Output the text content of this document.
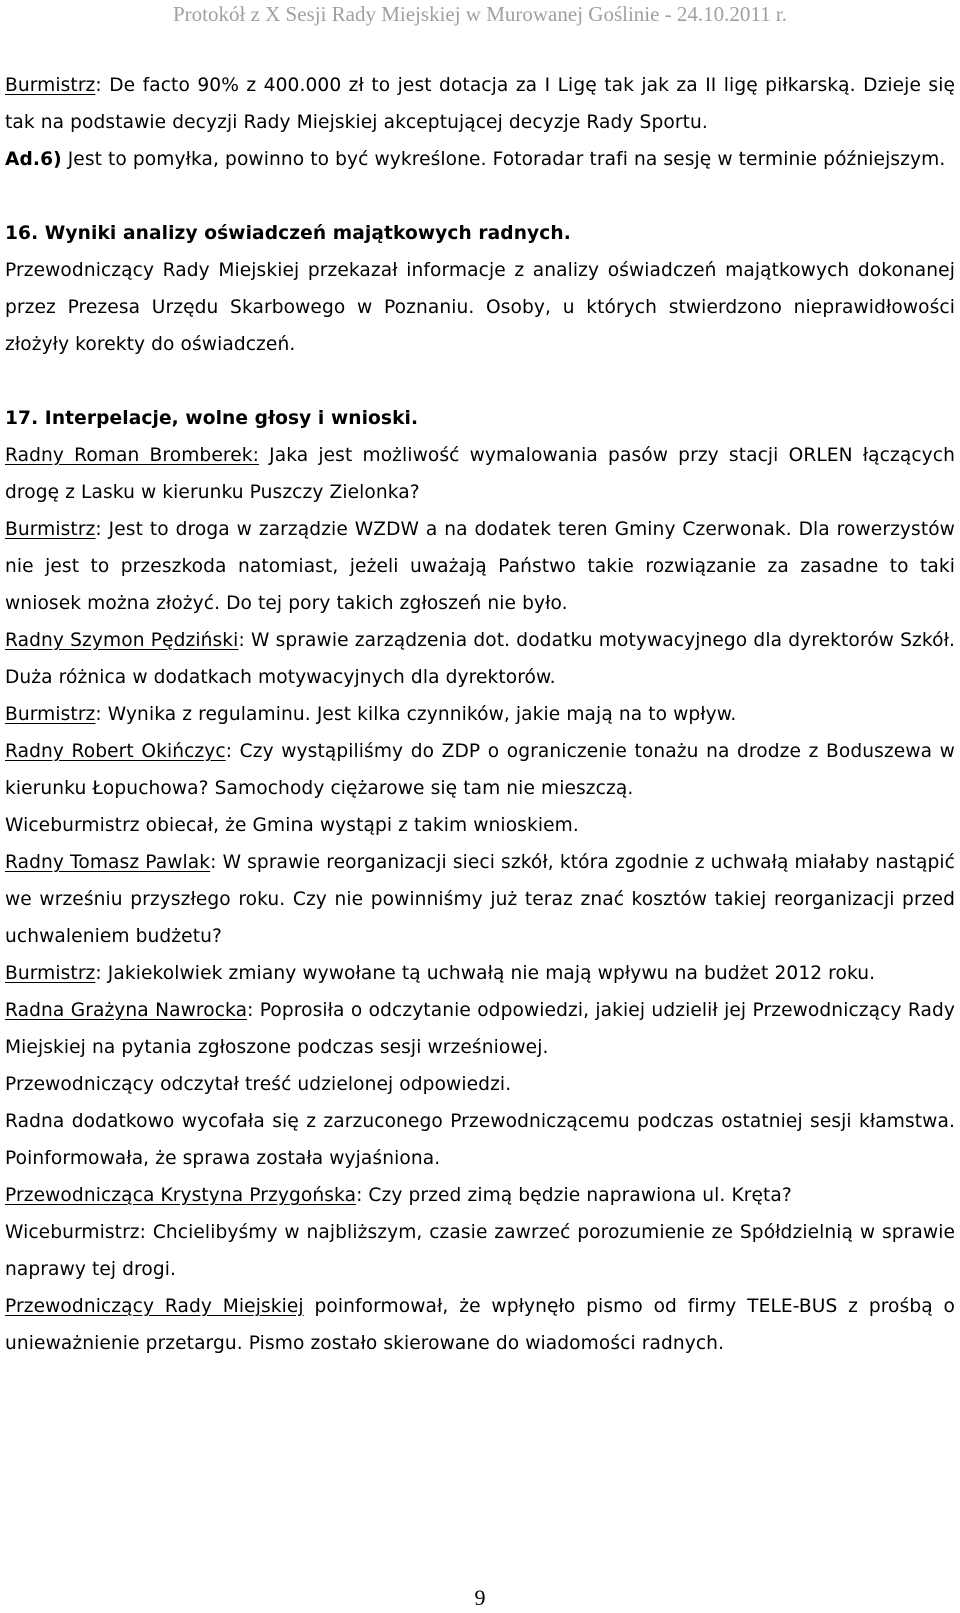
Protokół z X Sesji Rady Miejskiej w Murowanej Goślinie - 24.10.2011 r.

Burmistrz: De facto 90% z 400.000 zł to jest dotacja za I Ligę tak jak za II ligę piłkarską. Dzieje się tak na podstawie decyzji Rady Miejskiej akceptującej decyzje Rady Sportu.
Ad.6) Jest to pomyłka, powinno to być wykreślone. Fotoradar trafi na sesję w terminie późniejszym.

16. Wyniki analizy oświadczeń majątkowych radnych.

Przewodniczący Rady Miejskiej przekazał informacje z analizy oświadczeń majątkowych dokonanej przez Prezesa Urzędu Skarbowego w Poznaniu. Osoby, u których stwierdzono nieprawidłowości złożyły korekty do oświadczeń.

17. Interpelacje, wolne głosy i wnioski.

Radny Roman Bromberek: Jaka jest możliwość wymalowania pasów przy stacji ORLEN łączących drogę z Lasku w kierunku Puszczy Zielonka?

Burmistrz: Jest to droga w zarządzie WZDW a na dodatek teren Gminy Czerwonak. Dla rowerzystów nie jest to przeszkoda natomiast, jeżeli uważają Państwo takie rozwiązanie za zasadne to taki wniosek można złożyć. Do tej pory takich zgłoszeń nie było.

Radny Szymon Pędziński: W sprawie zarządzenia dot. dodatku motywacyjnego dla dyrektorów Szkół. Duża różnica w dodatkach motywacyjnych dla dyrektorów.

Burmistrz: Wynika z regulaminu. Jest kilka czynników, jakie mają na to wpływ.

Radny Robert Okińczyc: Czy wystąpiliśmy do ZDP o ograniczenie tonażu na drodze z Boduszewa w kierunku Łopuchowa? Samochody ciężarowe się tam nie mieszczą.

Wiceburmistrz obiecał, że Gmina wystąpi z takim wnioskiem.

Radny Tomasz Pawlak: W sprawie reorganizacji sieci szkół, która zgodnie z uchwałą miałaby nastąpić we wrześniu przyszłego roku. Czy nie powinniśmy już teraz znać kosztów takiej reorganizacji przed uchwaleniem budżetu?

Burmistrz: Jakiekolwiek zmiany wywołane tą uchwałą nie mają wpływu na budżet 2012 roku.

Radna Grażyna Nawrocka: Poprosiła o odczytanie odpowiedzi, jakiej udzielił jej Przewodniczący Rady Miejskiej na pytania zgłoszone podczas sesji wrześniowej.

Przewodniczący odczytał treść udzielonej odpowiedzi.

Radna dodatkowo wycofała się z zarzuconego Przewodniczącemu podczas ostatniej sesji kłamstwa. Poinformowała, że sprawa została wyjaśniona.

Przewodnicząca Krystyna Przygońska: Czy przed zimą będzie naprawiona ul. Kręta?

Wiceburmistrz: Chcielibyśmy w najbliższym, czasie zawrzeć porozumienie ze Spółdzielnią w sprawie naprawy tej drogi.

Przewodniczący Rady Miejskiej poinformował, że wpłynęło pismo od firmy TELE-BUS z prośbą o unieważnienie przetargu. Pismo zostało skierowane do wiadomości radnych.

9
